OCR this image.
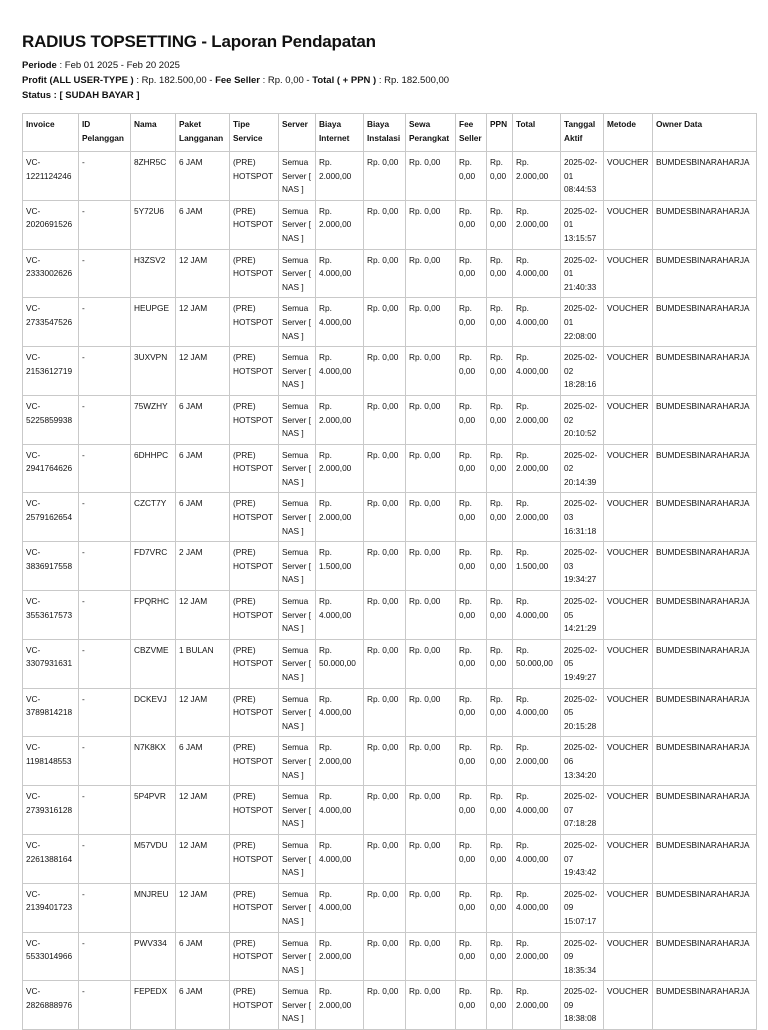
RADIUS TOPSETTING - Laporan Pendapatan
Periode : Feb 01 2025 - Feb 20 2025
Profit (ALL USER-TYPE ) : Rp. 182.500,00 - Fee Seller : Rp. 0,00 - Total ( + PPN ) : Rp. 182.500,00
Status : [ SUDAH BAYAR ]
Invoice	ID Pelanggan	Nama	Paket Langganan	Tipe Service	Server	Biaya Internet	Biaya Instalasi	Sewa Perangkat	Fee Seller	PPN	Total	Tanggal Aktif	Metode	Owner Data
VC-1221124246	-	8ZHR5C	6 JAM	(PRE) HOTSPOT	Semua Server [ NAS ]	Rp. 2.000,00	Rp. 0,00	Rp. 0,00	Rp. 0,00	Rp. 0,00	Rp. 2.000,00	2025-02-01 08:44:53	VOUCHER	BUMDESBINARAHARJA
VC-2020691526	-	5Y72U6	6 JAM	(PRE) HOTSPOT	Semua Server [ NAS ]	Rp. 2.000,00	Rp. 0,00	Rp. 0,00	Rp. 0,00	Rp. 0,00	Rp. 2.000,00	2025-02-01 13:15:57	VOUCHER	BUMDESBINARAHARJA
VC-2333002626	-	H3ZSV2	12 JAM	(PRE) HOTSPOT	Semua Server [ NAS ]	Rp. 4.000,00	Rp. 0,00	Rp. 0,00	Rp. 0,00	Rp. 0,00	Rp. 4.000,00	2025-02-01 21:40:33	VOUCHER	BUMDESBINARAHARJA
VC-2733547526	-	HEUPGE	12 JAM	(PRE) HOTSPOT	Semua Server [ NAS ]	Rp. 4.000,00	Rp. 0,00	Rp. 0,00	Rp. 0,00	Rp. 0,00	Rp. 4.000,00	2025-02-01 22:08:00	VOUCHER	BUMDESBINARAHARJA
VC-2153612719	-	3UXVPN	12 JAM	(PRE) HOTSPOT	Semua Server [ NAS ]	Rp. 4.000,00	Rp. 0,00	Rp. 0,00	Rp. 0,00	Rp. 0,00	Rp. 4.000,00	2025-02-02 18:28:16	VOUCHER	BUMDESBINARAHARJA
VC-5225859938	-	75WZHY	6 JAM	(PRE) HOTSPOT	Semua Server [ NAS ]	Rp. 2.000,00	Rp. 0,00	Rp. 0,00	Rp. 0,00	Rp. 0,00	Rp. 2.000,00	2025-02-02 20:10:52	VOUCHER	BUMDESBINARAHARJA
VC-2941764626	-	6DHHPC	6 JAM	(PRE) HOTSPOT	Semua Server [ NAS ]	Rp. 2.000,00	Rp. 0,00	Rp. 0,00	Rp. 0,00	Rp. 0,00	Rp. 2.000,00	2025-02-02 20:14:39	VOUCHER	BUMDESBINARAHARJA
VC-2579162654	-	CZCT7Y	6 JAM	(PRE) HOTSPOT	Semua Server [ NAS ]	Rp. 2.000,00	Rp. 0,00	Rp. 0,00	Rp. 0,00	Rp. 0,00	Rp. 2.000,00	2025-02-03 16:31:18	VOUCHER	BUMDESBINARAHARJA
VC-3836917558	-	FD7VRC	2 JAM	(PRE) HOTSPOT	Semua Server [ NAS ]	Rp. 1.500,00	Rp. 0,00	Rp. 0,00	Rp. 0,00	Rp. 0,00	Rp. 1.500,00	2025-02-03 19:34:27	VOUCHER	BUMDESBINARAHARJA
VC-3553617573	-	FPQRHC	12 JAM	(PRE) HOTSPOT	Semua Server [ NAS ]	Rp. 4.000,00	Rp. 0,00	Rp. 0,00	Rp. 0,00	Rp. 0,00	Rp. 4.000,00	2025-02-05 14:21:29	VOUCHER	BUMDESBINARAHARJA
VC-3307931631	-	CBZVME	1 BULAN	(PRE) HOTSPOT	Semua Server [ NAS ]	Rp. 50.000,00	Rp. 0,00	Rp. 0,00	Rp. 0,00	Rp. 0,00	Rp. 50.000,00	2025-02-05 19:49:27	VOUCHER	BUMDESBINARAHARJA
VC-3789814218	-	DCKEVJ	12 JAM	(PRE) HOTSPOT	Semua Server [ NAS ]	Rp. 4.000,00	Rp. 0,00	Rp. 0,00	Rp. 0,00	Rp. 0,00	Rp. 4.000,00	2025-02-05 20:15:28	VOUCHER	BUMDESBINARAHARJA
VC-1198148553	-	N7K8KX	6 JAM	(PRE) HOTSPOT	Semua Server [ NAS ]	Rp. 2.000,00	Rp. 0,00	Rp. 0,00	Rp. 0,00	Rp. 0,00	Rp. 2.000,00	2025-02-06 13:34:20	VOUCHER	BUMDESBINARAHARJA
VC-2739316128	-	5P4PVR	12 JAM	(PRE) HOTSPOT	Semua Server [ NAS ]	Rp. 4.000,00	Rp. 0,00	Rp. 0,00	Rp. 0,00	Rp. 0,00	Rp. 4.000,00	2025-02-07 07:18:28	VOUCHER	BUMDESBINARAHARJA
VC-2261388164	-	M57VDU	12 JAM	(PRE) HOTSPOT	Semua Server [ NAS ]	Rp. 4.000,00	Rp. 0,00	Rp. 0,00	Rp. 0,00	Rp. 0,00	Rp. 4.000,00	2025-02-07 19:43:42	VOUCHER	BUMDESBINARAHARJA
VC-2139401723	-	MNJREU	12 JAM	(PRE) HOTSPOT	Semua Server [ NAS ]	Rp. 4.000,00	Rp. 0,00	Rp. 0,00	Rp. 0,00	Rp. 0,00	Rp. 4.000,00	2025-02-09 15:07:17	VOUCHER	BUMDESBINARAHARJA
VC-5533014966	-	PWV334	6 JAM	(PRE) HOTSPOT	Semua Server [ NAS ]	Rp. 2.000,00	Rp. 0,00	Rp. 0,00	Rp. 0,00	Rp. 0,00	Rp. 2.000,00	2025-02-09 18:35:34	VOUCHER	BUMDESBINARAHARJA
VC-2826888976	-	FEPEDX	6 JAM	(PRE) HOTSPOT	Semua Server [ NAS ]	Rp. 2.000,00	Rp. 0,00	Rp. 0,00	Rp. 0,00	Rp. 0,00	Rp. 2.000,00	2025-02-09 18:38:08	VOUCHER	BUMDESBINARAHARJA
